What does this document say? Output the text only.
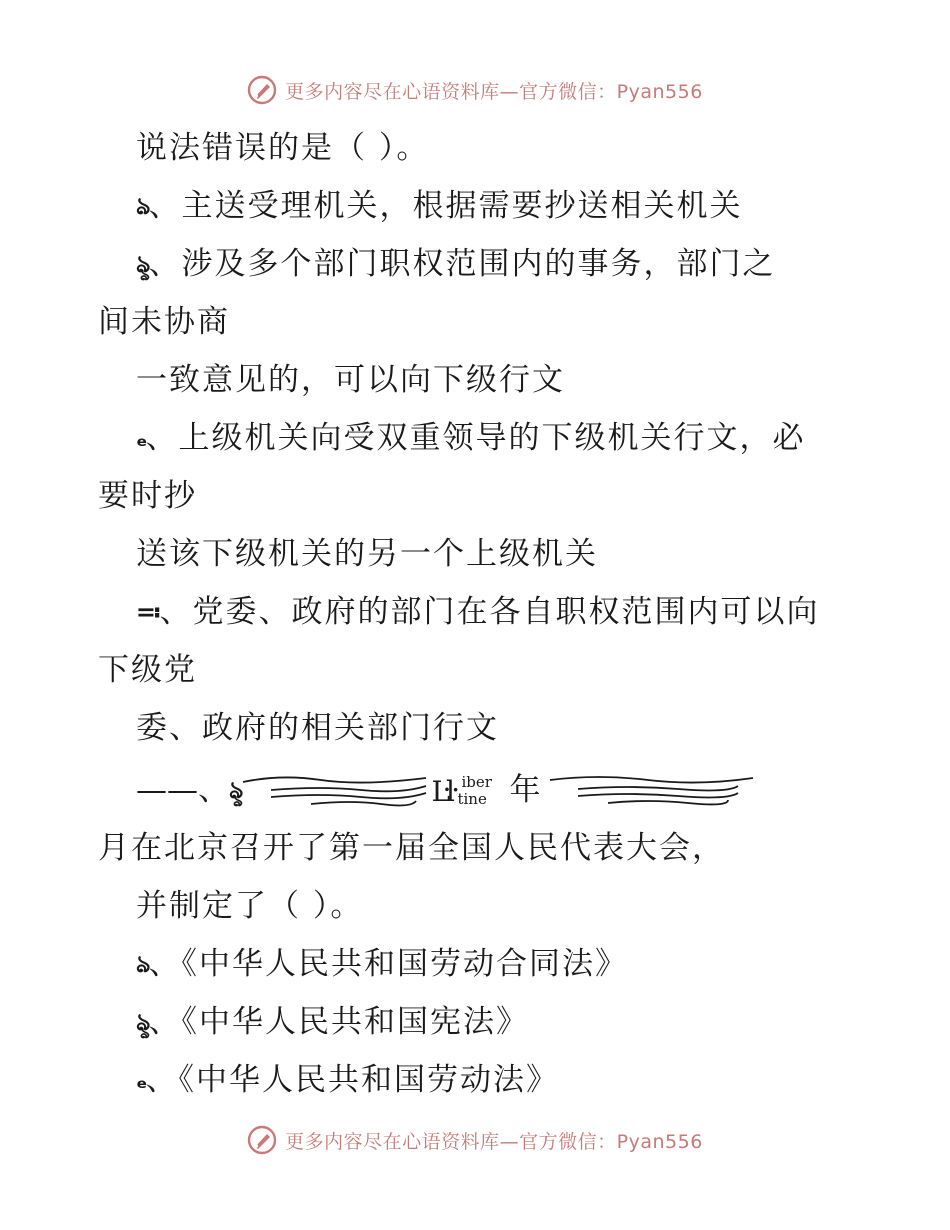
更多内容尽在心语资料库—官方微信：Pyan556
说法错误的是（ ）。
ঌ、主送受理机关，根据需要抄送相关机关
ৡ、涉及多个部门职权范围内的事务，部门之
间未协商
一致意见的，可以向下级行文
ₑ、上级机关向受双重领导的下级机关行文，必
要时抄
送该下级机关的另一个上级机关
≕、党委、政府的部门在各自职权范围内可以向
下级党
委、政府的相关部门行文
——、ৡ	Ŀŀ iber
tine 年
月在北京召开了第一届全国人民代表大会，
并制定了（ ）。
ঌ、《中华人民共和国劳动合同法》
ৡ、《中华人民共和国宪法》
ₑ、《中华人民共和国劳动法》
更多内容尽在心语资料库—官方微信：Pyan556
